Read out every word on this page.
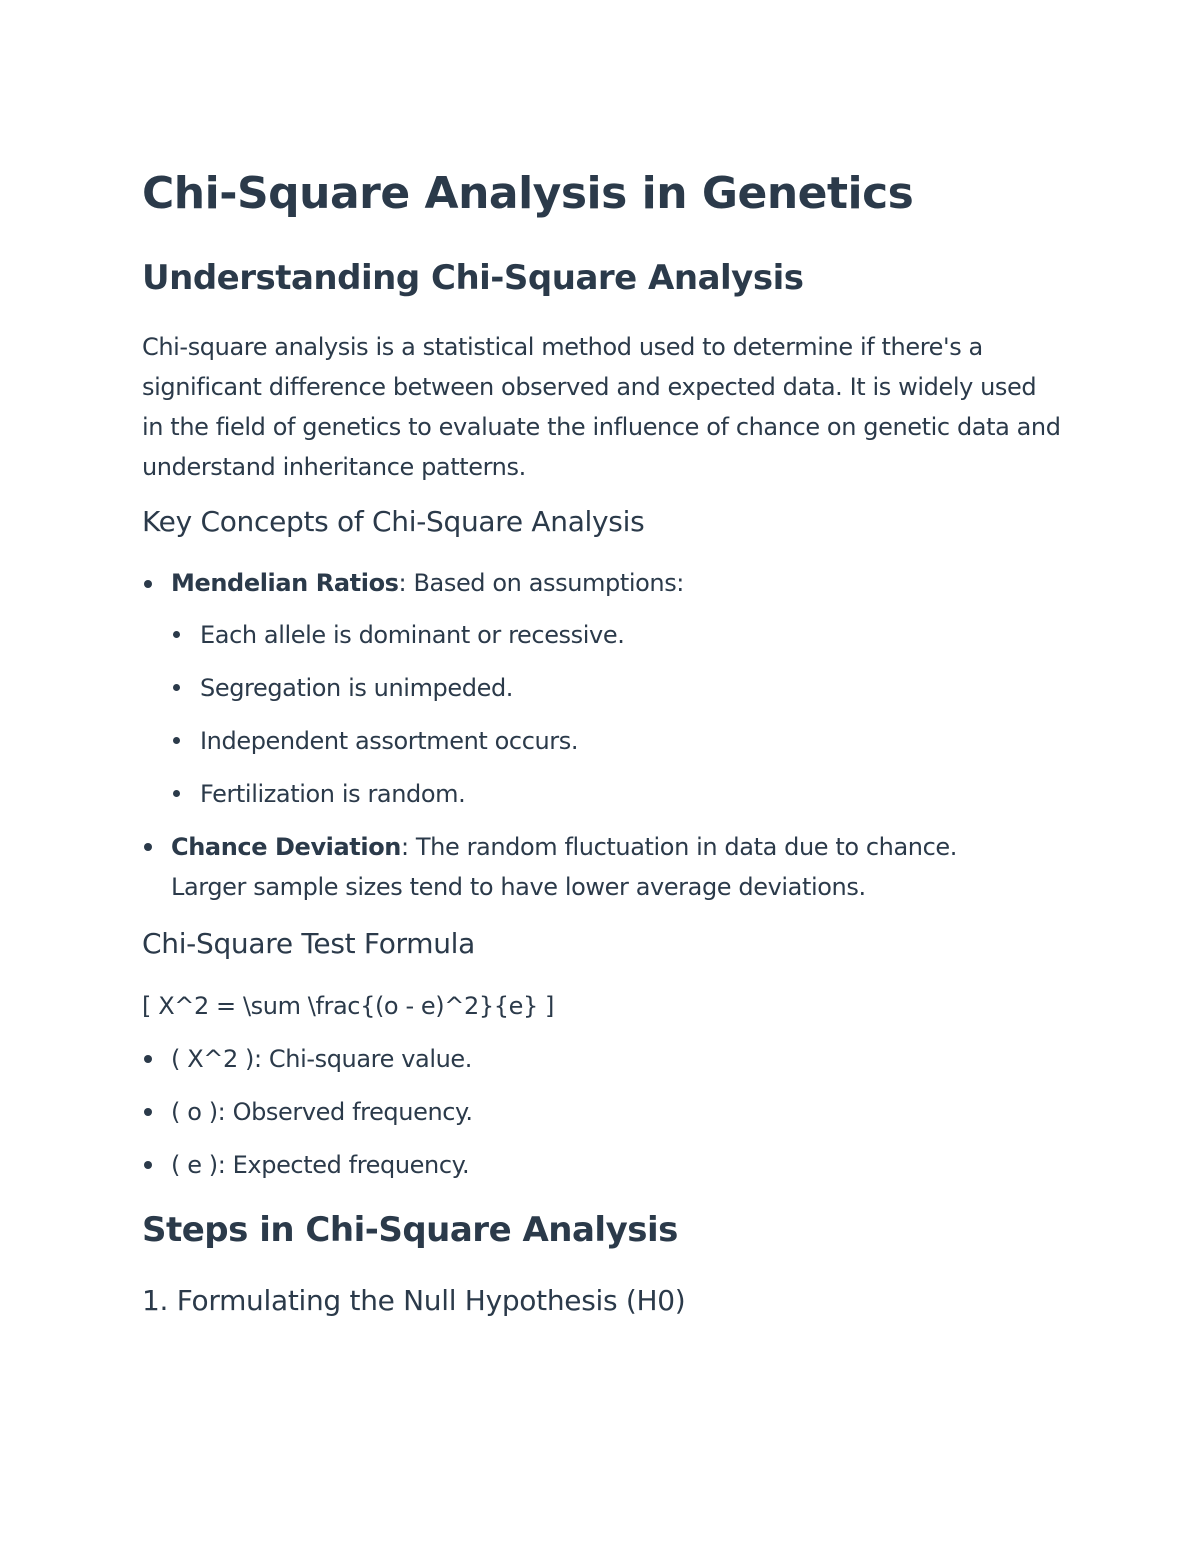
Chi-Square Analysis in Genetics
Understanding Chi-Square Analysis

Chi-square analysis is a statistical method used to determine if there's a significant difference between observed and expected data. It is widely used in the field of genetics to evaluate the influence of chance on genetic data and understand inheritance patterns.

Key Concepts of Chi-Square Analysis

Mendelian Ratios: Based on assumptions:

Each allele is dominant or recessive.

Segregation is unimpeded.

Independent assortment occurs.

Fertilization is random.

Chance Deviation: The random fluctuation in data due to chance. Larger sample sizes tend to have lower average deviations.

Chi-Square Test Formula

[ X^2 = \sum \frac{(o - e)^2}{e} ]

( X^2 ): Chi-square value.

( o ): Observed frequency.

( e ): Expected frequency.

Steps in Chi-Square Analysis
1. Formulating the Null Hypothesis (H0)
